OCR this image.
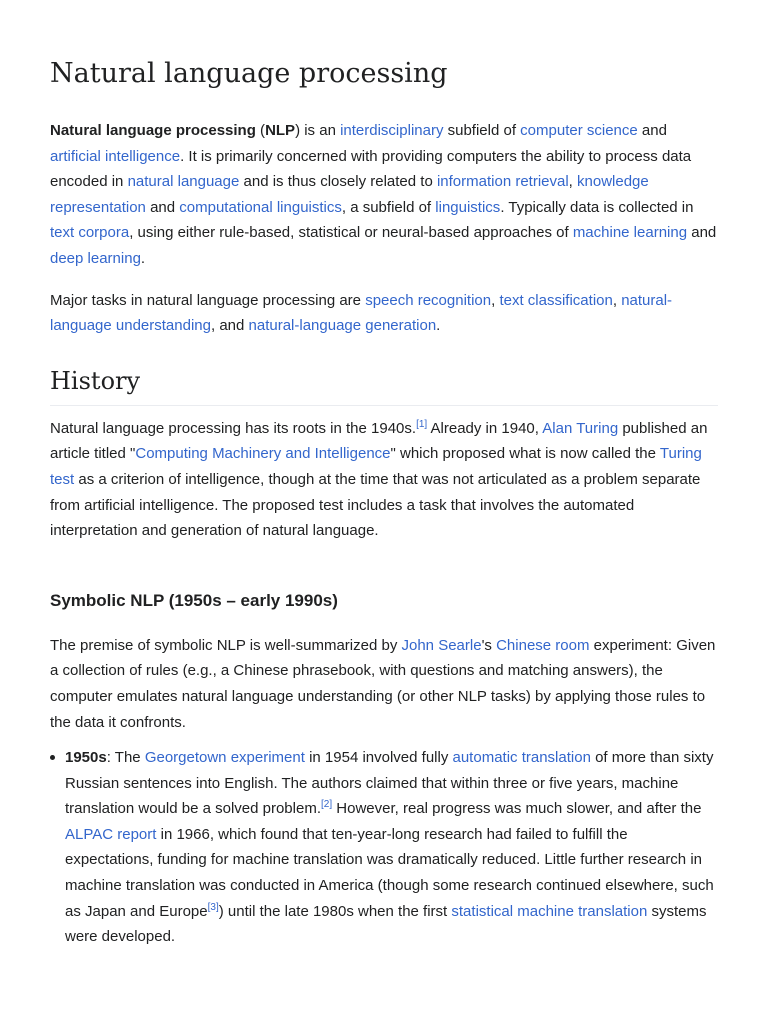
Natural language processing

Natural language processing (NLP) is an interdisciplinary subfield of computer science and artificial intelligence. It is primarily concerned with providing computers the ability to process data encoded in natural language and is thus closely related to information retrieval, knowledge representation and computational linguistics, a subfield of linguistics. Typically data is collected in text corpora, using either rule-based, statistical or neural-based approaches of machine learning and deep learning.

Major tasks in natural language processing are speech recognition, text classification, natural-language understanding, and natural-language generation.

History

Natural language processing has its roots in the 1940s.[1] Already in 1940, Alan Turing published an article titled "Computing Machinery and Intelligence" which proposed what is now called the Turing test as a criterion of intelligence, though at the time that was not articulated as a problem separate from artificial intelligence. The proposed test includes a task that involves the automated interpretation and generation of natural language.

Symbolic NLP (1950s – early 1990s)

The premise of symbolic NLP is well-summarized by John Searle's Chinese room experiment: Given a collection of rules (e.g., a Chinese phrasebook, with questions and matching answers), the computer emulates natural language understanding (or other NLP tasks) by applying those rules to the data it confronts.

1950s: The Georgetown experiment in 1954 involved fully automatic translation of more than sixty Russian sentences into English. The authors claimed that within three or five years, machine translation would be a solved problem.[2] However, real progress was much slower, and after the ALPAC report in 1966, which found that ten-year-long research had failed to fulfill the expectations, funding for machine translation was dramatically reduced. Little further research in machine translation was conducted in America (though some research continued elsewhere, such as Japan and Europe[3]) until the late 1980s when the first statistical machine translation systems were developed.
